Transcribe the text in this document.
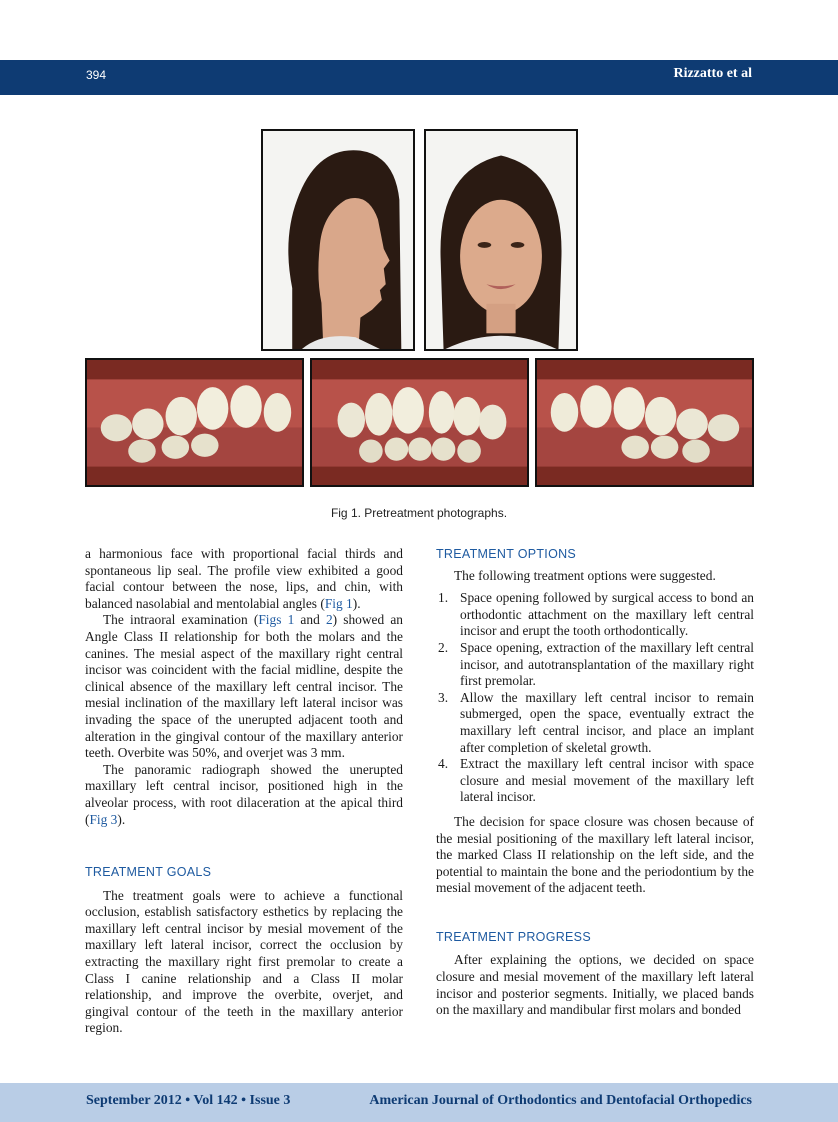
394	Rizzatto et al
Fig 1. Pretreatment photographs.

a harmonious face with proportional facial thirds and spontaneous lip seal. The profile view exhibited a good facial contour between the nose, lips, and chin, with balanced nasolabial and mentolabial angles (Fig 1).

The intraoral examination (Figs 1 and 2) showed an Angle Class II relationship for both the molars and the canines. The mesial aspect of the maxillary right central incisor was coincident with the facial midline, despite the clinical absence of the maxillary left central incisor. The mesial inclination of the maxillary left lateral incisor was invading the space of the unerupted adjacent tooth and alteration in the gingival contour of the maxillary anterior teeth. Overbite was 50%, and overjet was 3 mm.

The panoramic radiograph showed the unerupted maxillary left central incisor, positioned high in the alveolar process, with root dilaceration at the apical third (Fig 3).

TREATMENT GOALS

The treatment goals were to achieve a functional occlusion, establish satisfactory esthetics by replacing the maxillary left central incisor by mesial movement of the maxillary left lateral incisor, correct the occlusion by extracting the maxillary right first premolar to create a Class I canine relationship and a Class II molar relationship, and improve the overbite, overjet, and gingival contour of the teeth in the maxillary anterior region.

TREATMENT OPTIONS

The following treatment options were suggested.

1. Space opening followed by surgical access to bond an orthodontic attachment on the maxillary left central incisor and erupt the tooth orthodontically.
2. Space opening, extraction of the maxillary left central incisor, and autotransplantation of the maxillary right first premolar.
3. Allow the maxillary left central incisor to remain submerged, open the space, eventually extract the maxillary left central incisor, and place an implant after completion of skeletal growth.
4. Extract the maxillary left central incisor with space closure and mesial movement of the maxillary left lateral incisor.

The decision for space closure was chosen because of the mesial positioning of the maxillary left lateral incisor, the marked Class II relationship on the left side, and the potential to maintain the bone and the periodontium by the mesial movement of the adjacent teeth.

TREATMENT PROGRESS

After explaining the options, we decided on space closure and mesial movement of the maxillary left lateral incisor and posterior segments. Initially, we placed bands on the maxillary and mandibular first molars and bonded

September 2012 • Vol 142 • Issue 3	American Journal of Orthodontics and Dentofacial Orthopedics
